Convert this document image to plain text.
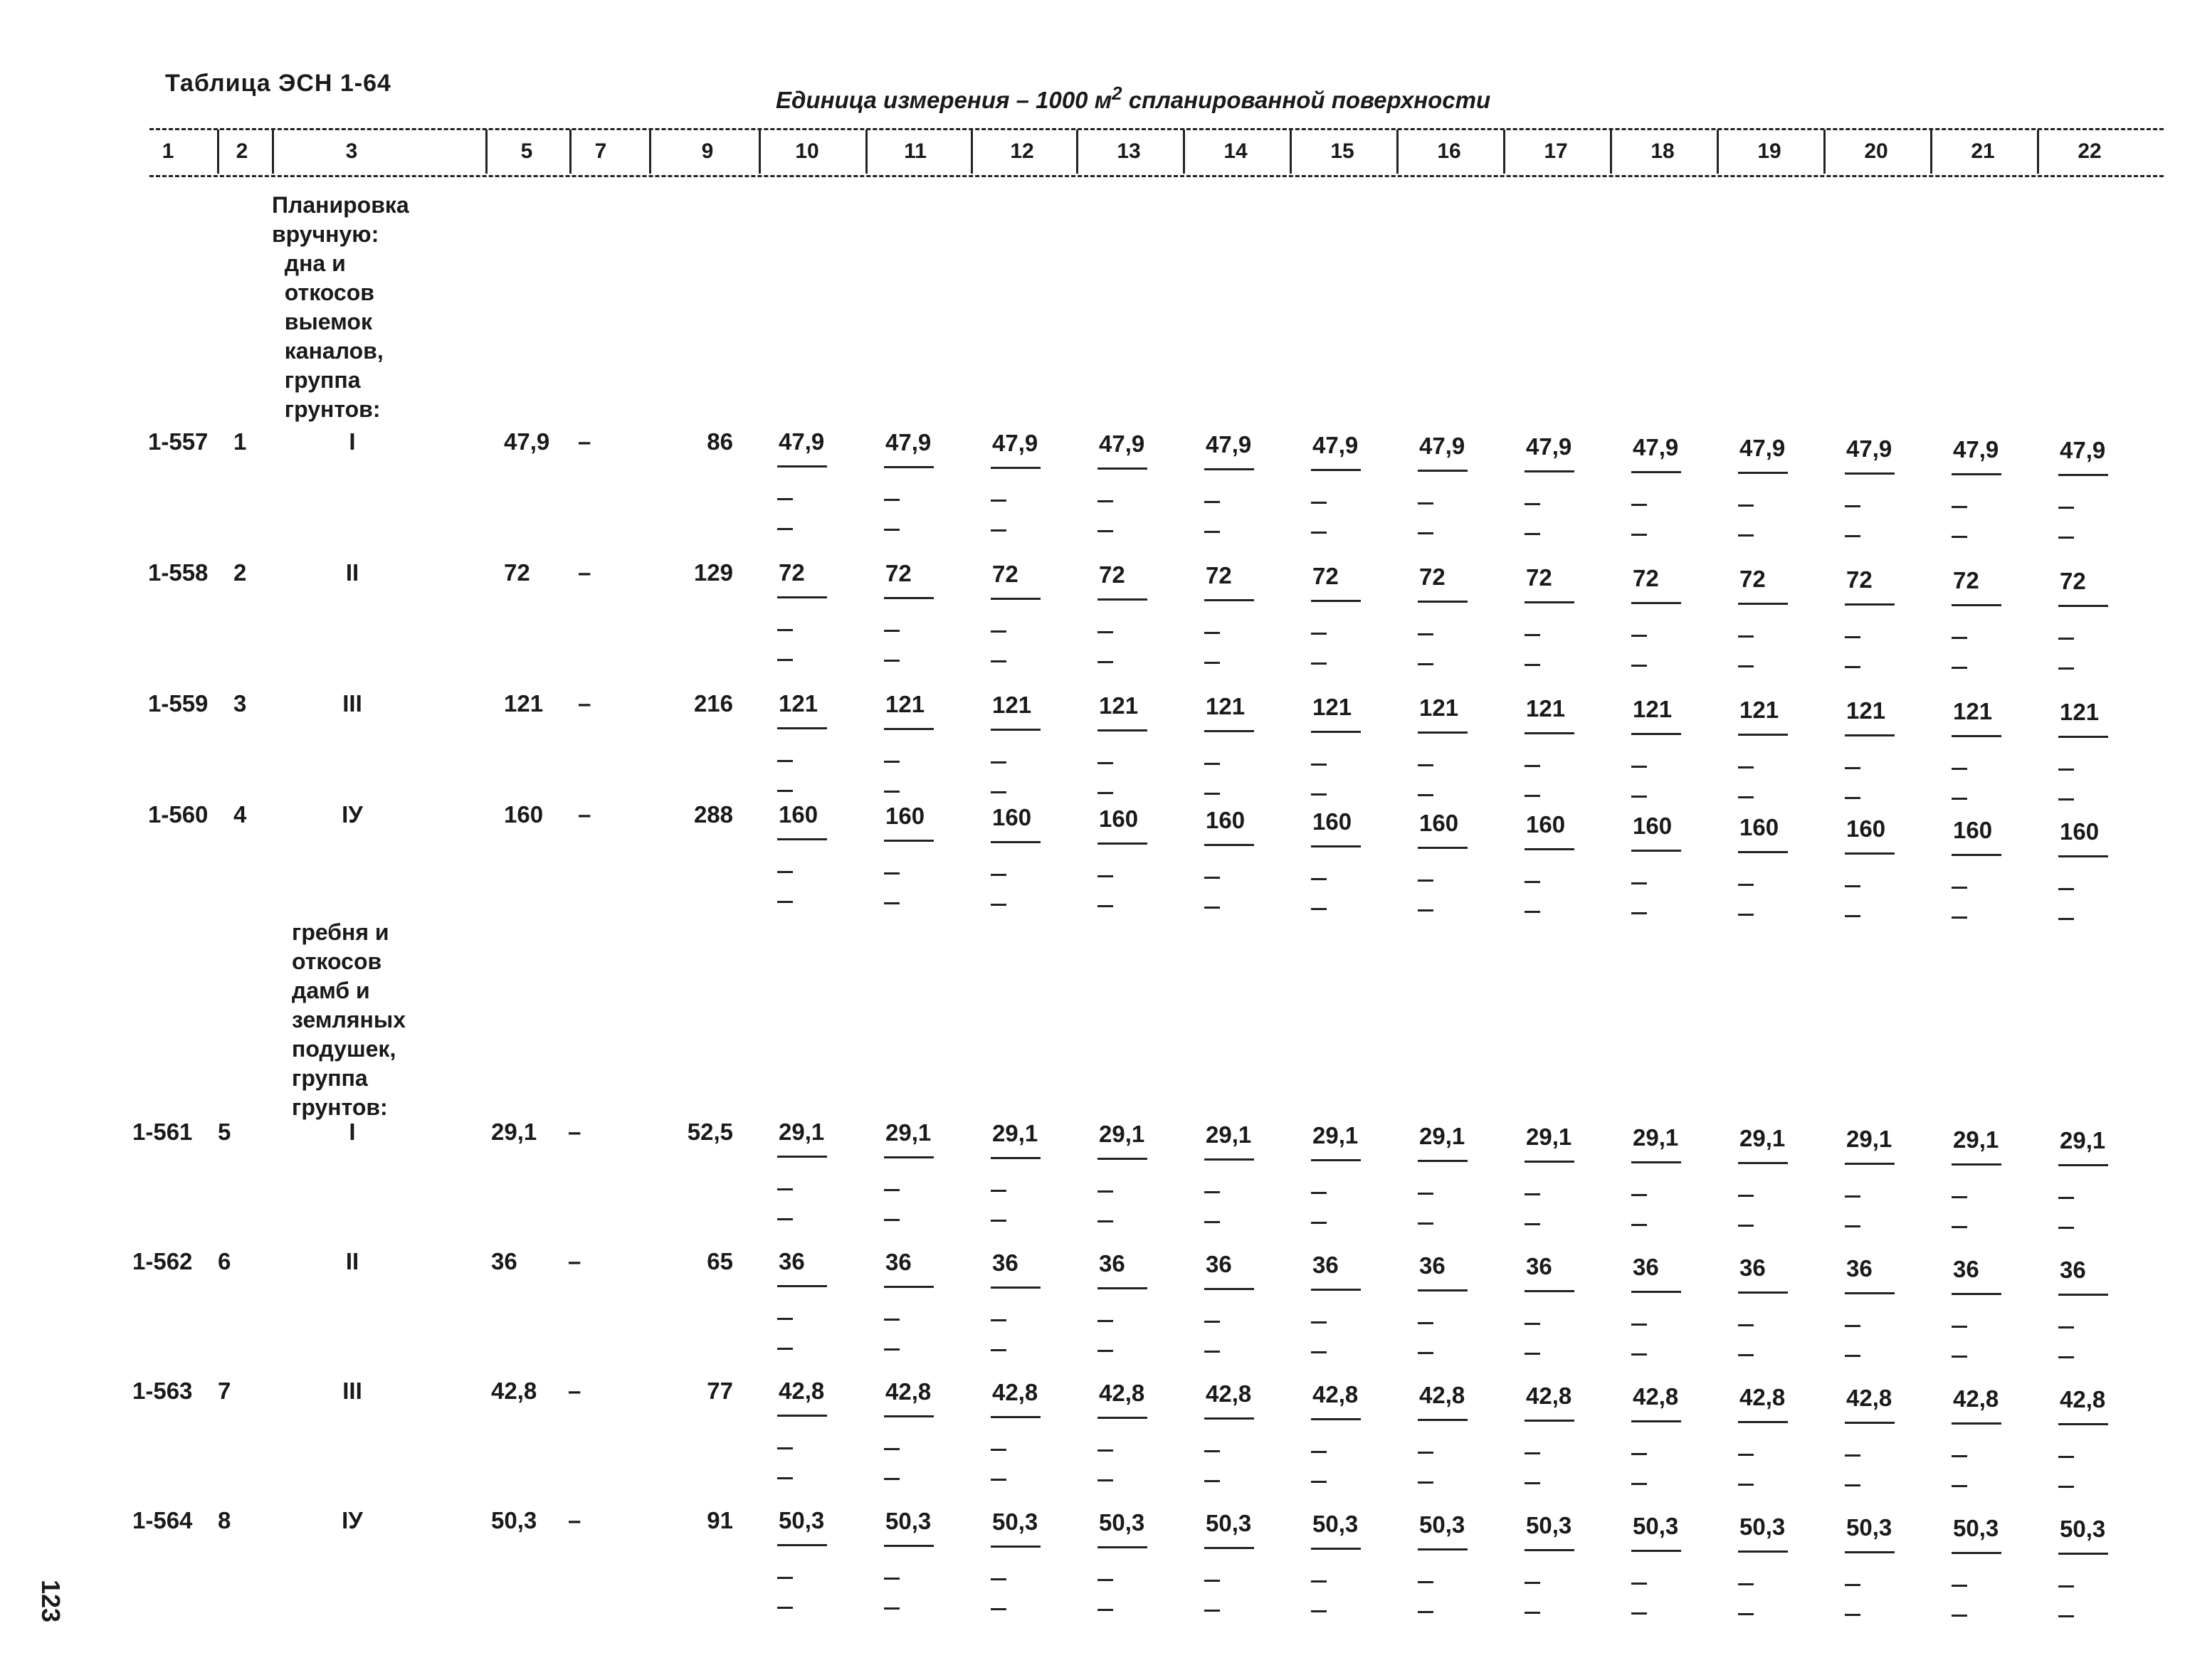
Таблица ЭСН 1-64
Единица измерения – 1000 $м^2$ спланированной поверхности
1	2	3	5	7	9	10	11	12	13	14	15	16	17	18	19	20	21	22
Планировка
вручную:
дна и
откосов
выемок
каналов,
группа
грунтов:
гребня и
откосов
дамб и
земляных
подушек,
группа
грунтов:
1-557 1	I	47,9 –	86 47,9	47,9	47,9	47,9	47,9	47,9	47,9	47,9	47,9	47,9	47,9	47,9	47,9
1-558 2	II	72 –	129 72	72	72	72	72	72	72	72	72	72	72	72	72
1-559 3	III	121 –	216 121	121	121	121	121	121	121	121	121	121	121	121	121
1-560 4	IУ	160 –	288 160	160	160	160	160	160	160	160	160	160	160	160	160
1-561 5	I	29,1 –	52,5 29,1	29,1	29,1	29,1	29,1	29,1	29,1	29,1	29,1	29,1	29,1	29,1	29,1
1-562 6	II	36 –	65 36	36	36	36	36	36	36	36	36	36	36	36	36
1-563 7	III	42,8 –	77 42,8	42,8	42,8	42,8	42,8	42,8	42,8	42,8	42,8	42,8	42,8	42,8	42,8
1-564 8	IУ	50,3 –	91 50,3	50,3	50,3	50,3	50,3	50,3	50,3	50,3	50,3	50,3	50,3	50,3	50,3
123
